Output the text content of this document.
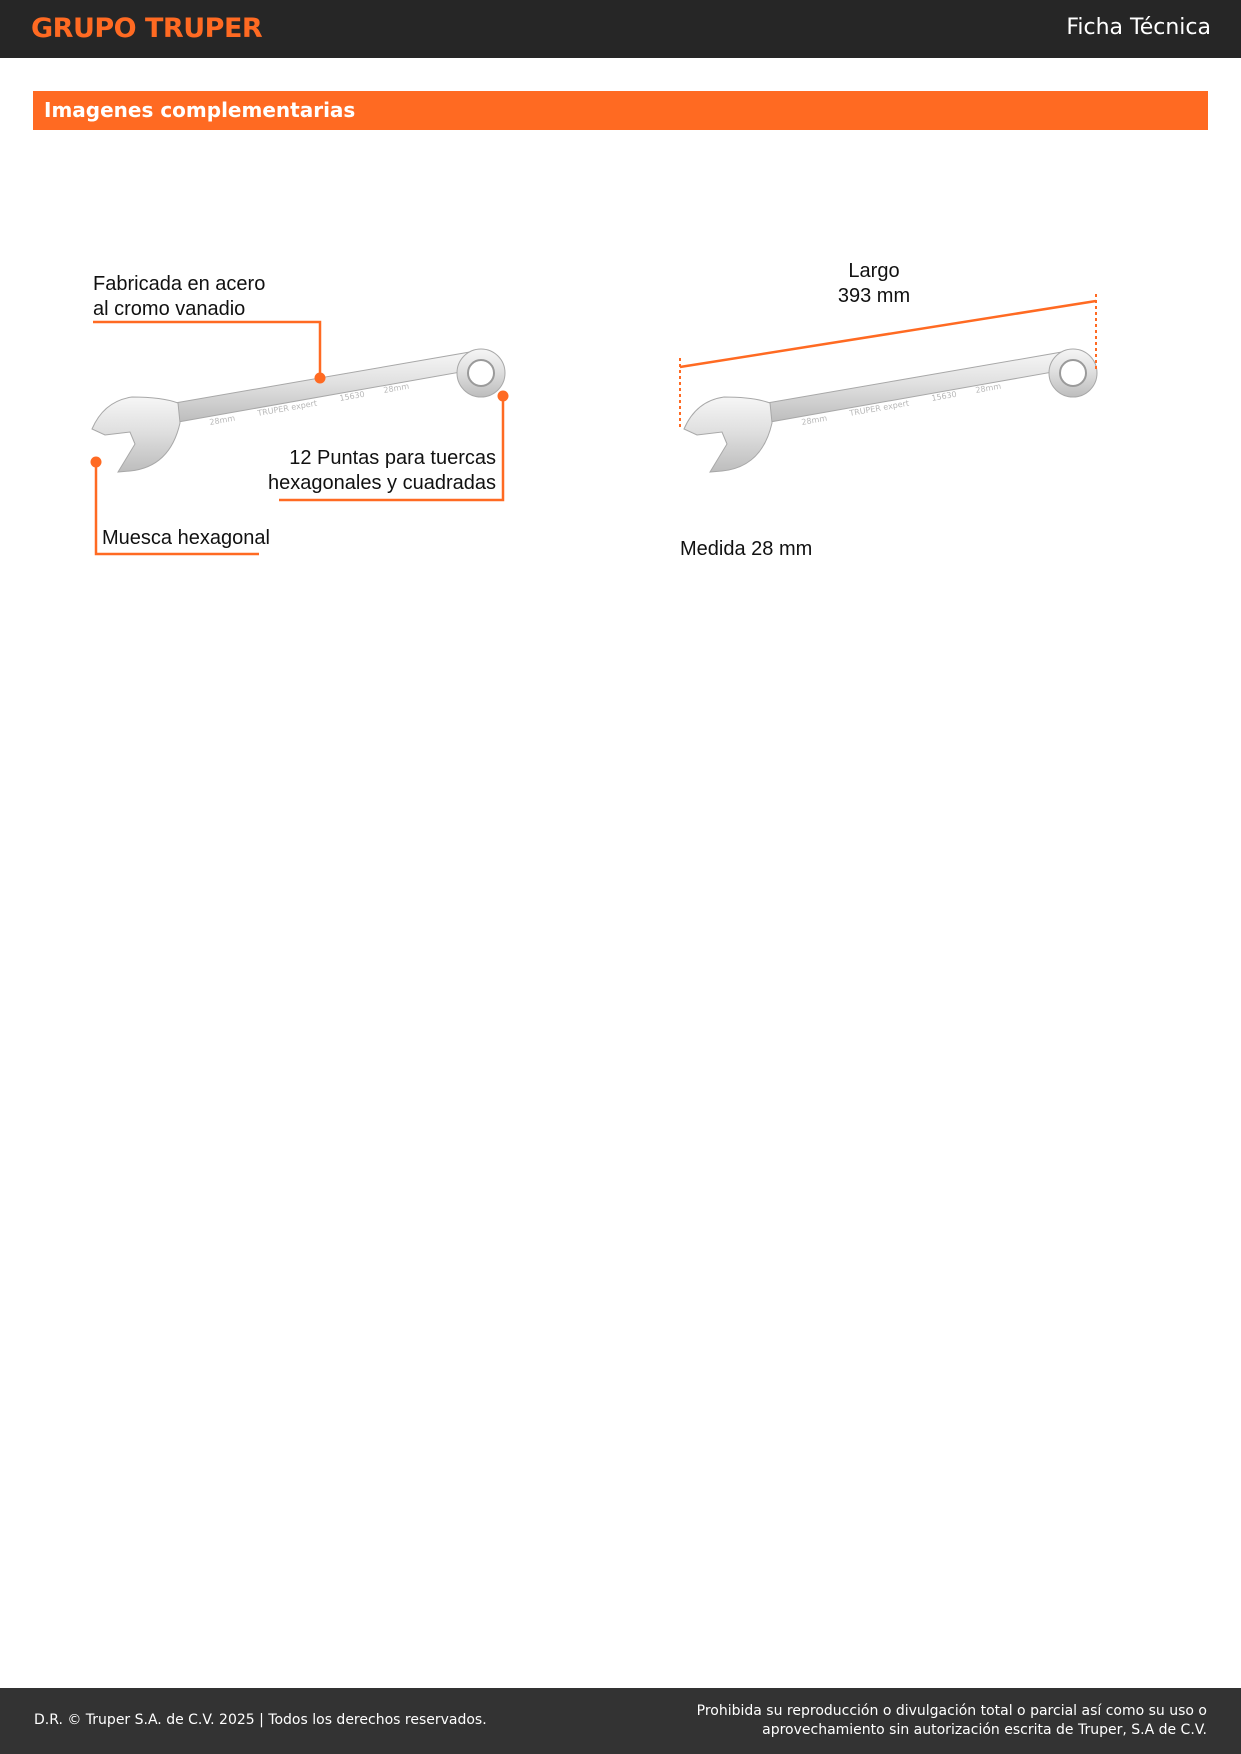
GRUPO TRUPER	Ficha Técnica
Imagenes complementarias
28mm
TRUPER expert
15630
28mm
28mm
TRUPER expert
15630
28mm
Fabricada en acero
al cromo vanadio
12 Puntas para tuercas
hexagonales y cuadradas
Muesca hexagonal
Largo
393 mm
Medida 28 mm
D.R. © Truper S.A. de C.V. 2025 | Todos los derechos reservados.
Prohibida su reproducción o divulgación total o parcial así como su uso o
aprovechamiento sin autorización escrita de Truper, S.A de C.V.
